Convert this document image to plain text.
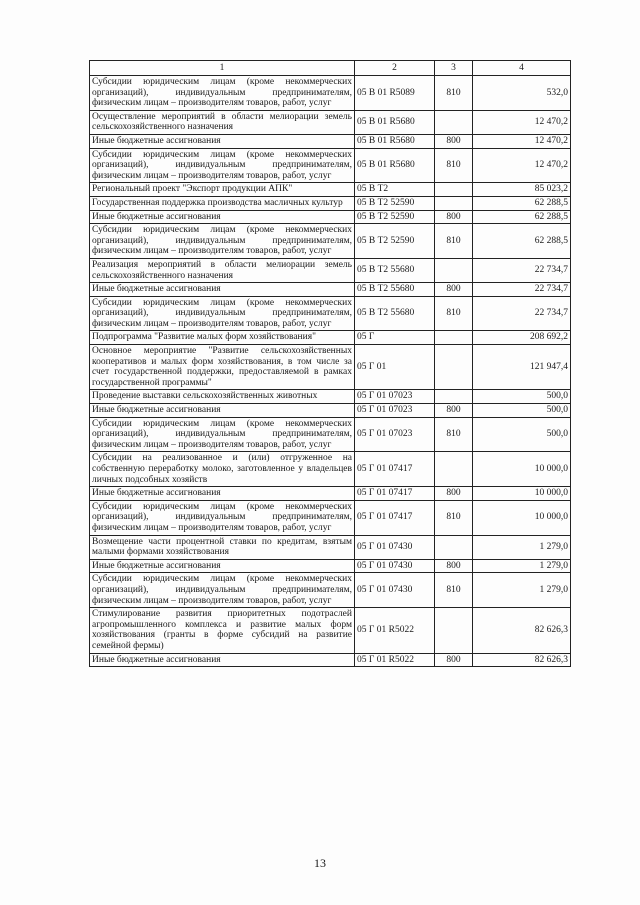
1	2	3	4
Субсидии юридическим лицам (кроме некоммерческих организаций), индивидуальным предпринимателям, физическим лицам – производителям товаров, работ, услуг	05 В 01 R5089	810	532,0
Осуществление мероприятий в области мелиорации земель сельскохозяйственного назначения	05 В 01 R5680		12 470,2
Иные бюджетные ассигнования	05 В 01 R5680	800	12 470,2
Субсидии юридическим лицам (кроме некоммерческих организаций), индивидуальным предпринимателям, физическим лицам – производителям товаров, работ, услуг	05 В 01 R5680	810	12 470,2
Региональный проект "Экспорт продукции АПК"	05 В Т2		85 023,2
Государственная поддержка производства масличных культур	05 В Т2 52590		62 288,5
Иные бюджетные ассигнования	05 В Т2 52590	800	62 288,5
Субсидии юридическим лицам (кроме некоммерческих организаций), индивидуальным предпринимателям, физическим лицам – производителям товаров, работ, услуг	05 В Т2 52590	810	62 288,5
Реализация мероприятий в области мелиорации земель сельскохозяйственного назначения	05 В Т2 55680		22 734,7
Иные бюджетные ассигнования	05 В Т2 55680	800	22 734,7
Субсидии юридическим лицам (кроме некоммерческих организаций), индивидуальным предпринимателям, физическим лицам – производителям товаров, работ, услуг	05 В Т2 55680	810	22 734,7
Подпрограмма "Развитие малых форм хозяйствования"	05 Г		208 692,2
Основное мероприятие "Развитие сельскохозяйственных кооперативов и малых форм хозяйствования, в том числе за счет государственной поддержки, предоставляемой в рамках государственной программы"	05 Г 01		121 947,4
Проведение выставки сельскохозяйственных животных	05 Г 01 07023		500,0
Иные бюджетные ассигнования	05 Г 01 07023	800	500,0
Субсидии юридическим лицам (кроме некоммерческих организаций), индивидуальным предпринимателям, физическим лицам – производителям товаров, работ, услуг	05 Г 01 07023	810	500,0
Субсидии на реализованное и (или) отгруженное на собственную переработку молоко, заготовленное у владельцев личных подсобных хозяйств	05 Г 01 07417		10 000,0
Иные бюджетные ассигнования	05 Г 01 07417	800	10 000,0
Субсидии юридическим лицам (кроме некоммерческих организаций), индивидуальным предпринимателям, физическим лицам – производителям товаров, работ, услуг	05 Г 01 07417	810	10 000,0
Возмещение части процентной ставки по кредитам, взятым малыми формами хозяйствования	05 Г 01 07430		1 279,0
Иные бюджетные ассигнования	05 Г 01 07430	800	1 279,0
Субсидии юридическим лицам (кроме некоммерческих организаций), индивидуальным предпринимателям, физическим лицам – производителям товаров, работ, услуг	05 Г 01 07430	810	1 279,0
Стимулирование развития приоритетных подотраслей агропромышленного комплекса и развитие малых форм хозяйствования (гранты в форме субсидий на развитие семейной фермы)	05 Г 01 R5022		82 626,3
Иные бюджетные ассигнования	05 Г 01 R5022	800	82 626,3
13
